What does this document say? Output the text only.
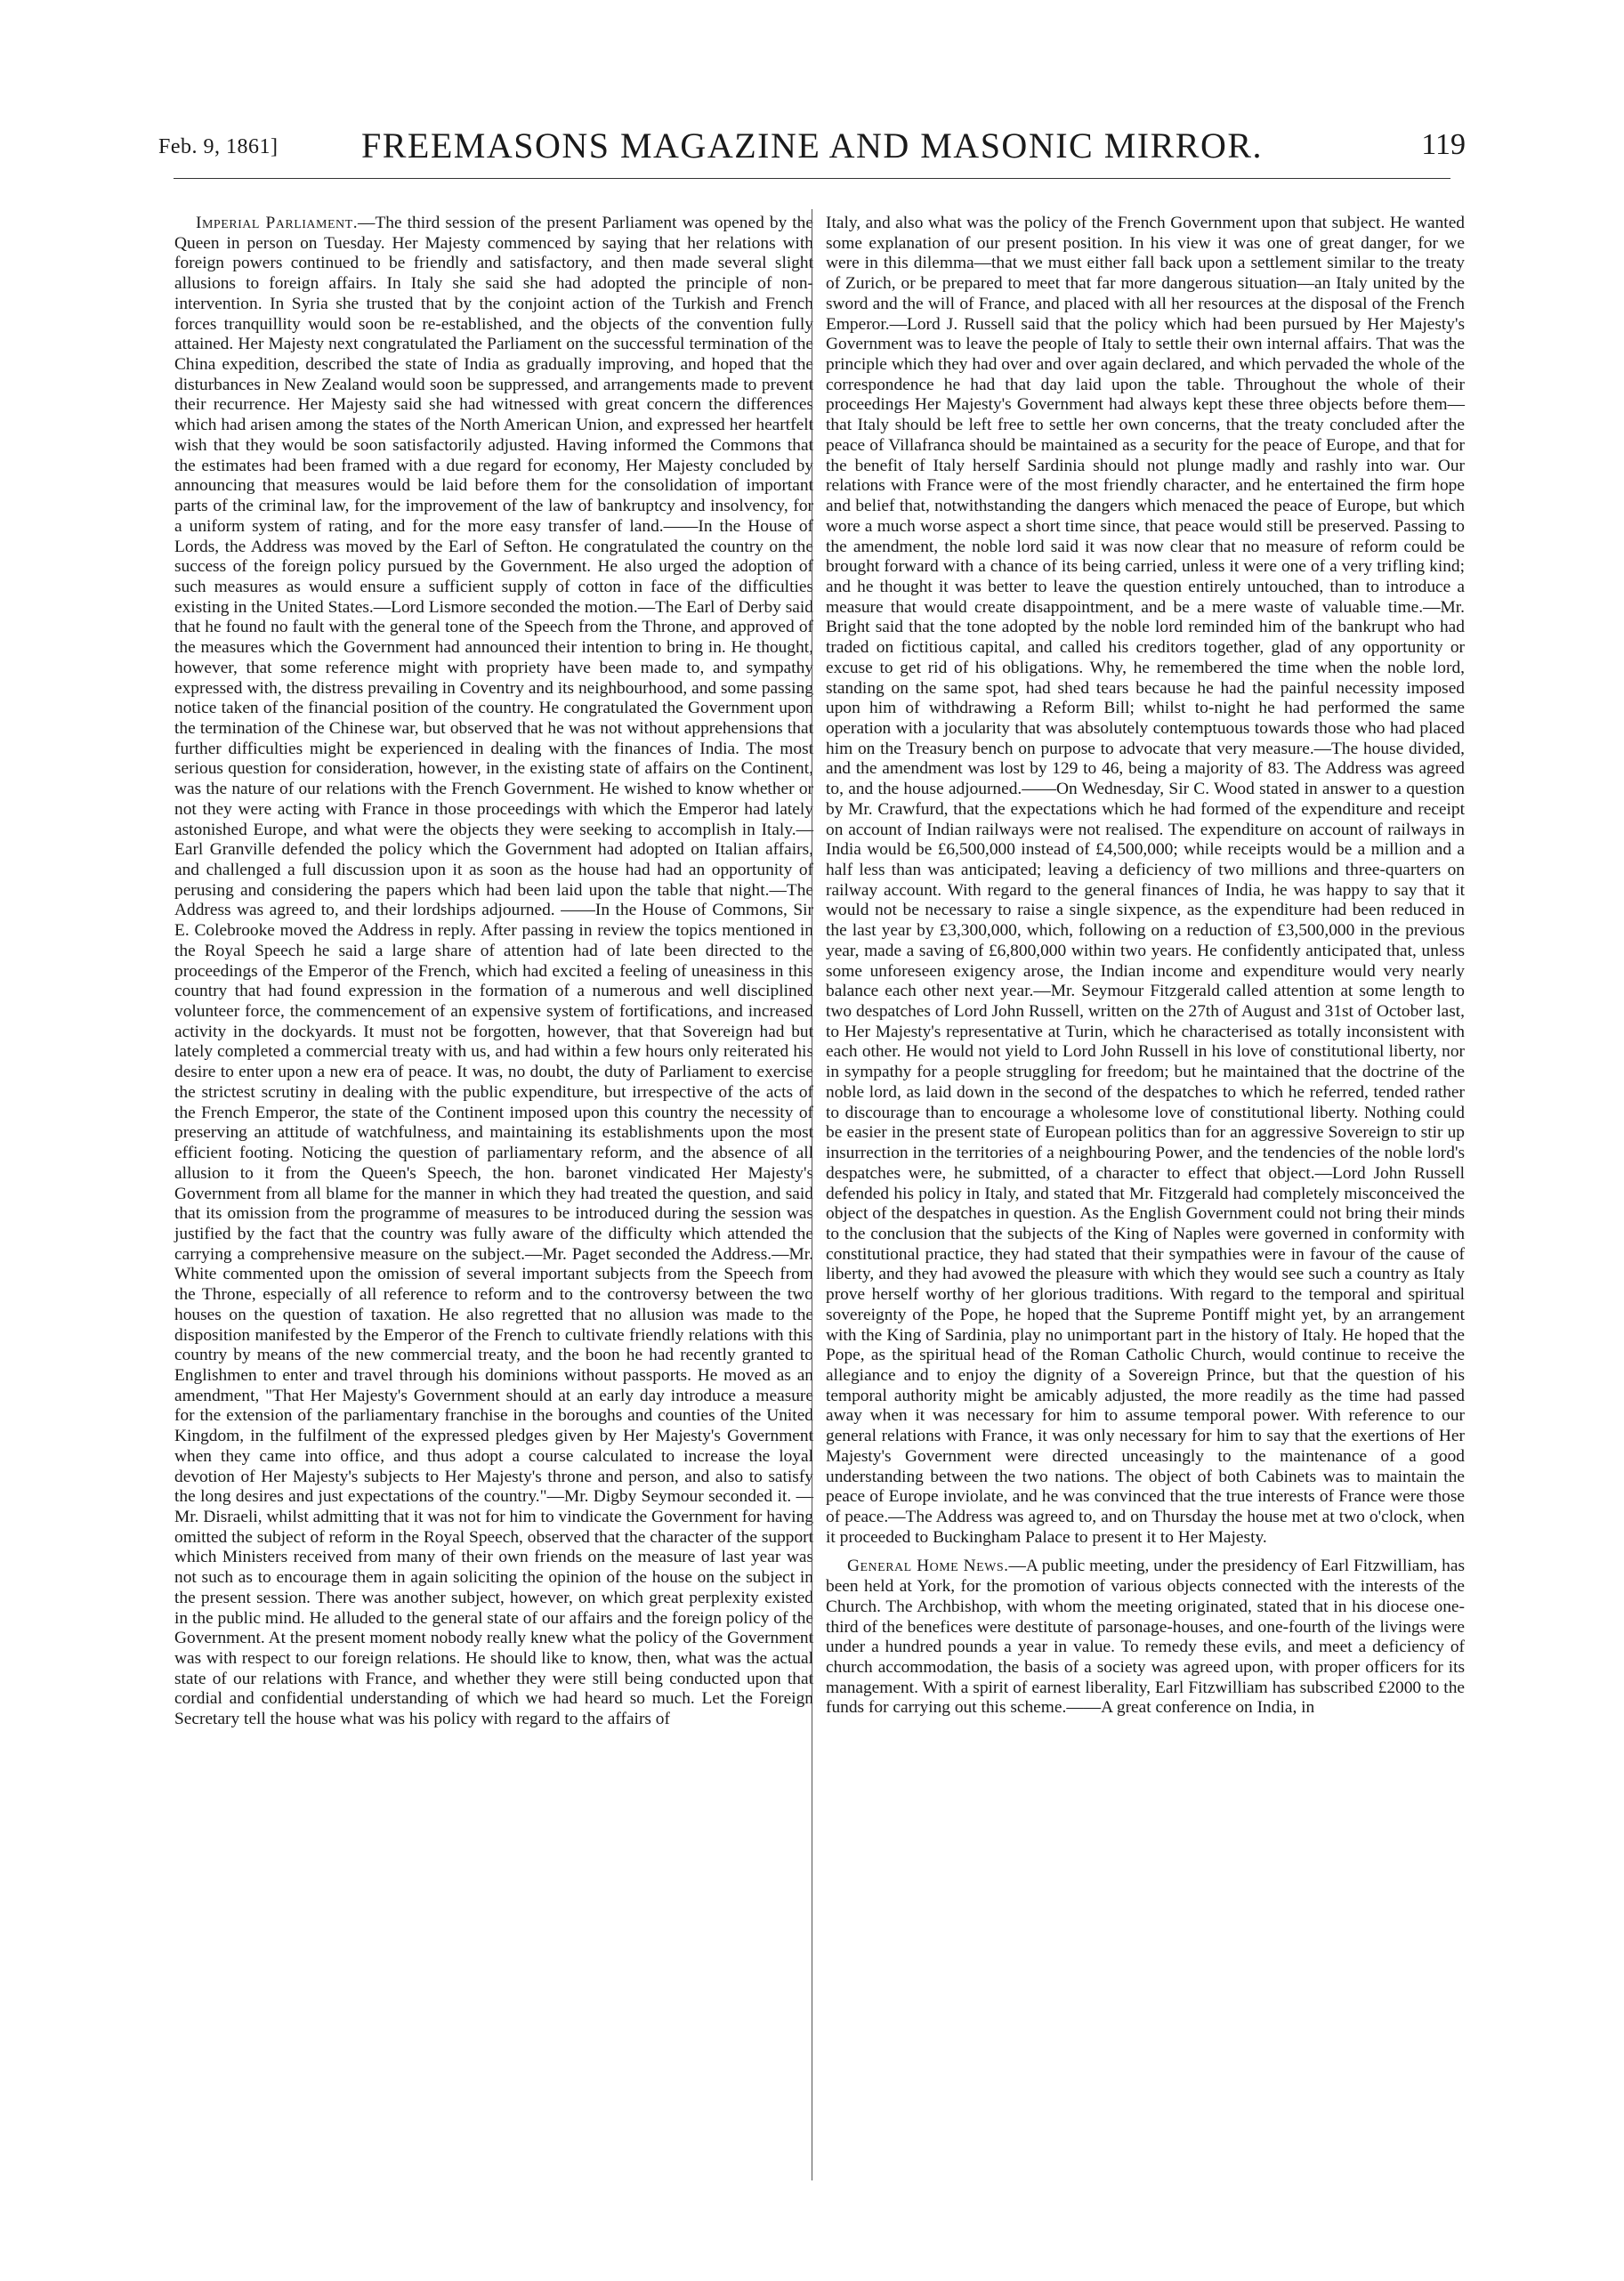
Feb. 9, 1861]	FREEMASONS MAGAZINE AND MASONIC MIRROR.	119

Imperial Parliament.—The third session of the present Parliament was opened by the Queen in person on Tuesday. Her Majesty commenced by saying that her relations with foreign powers continued to be friendly and satisfactory, and then made several slight allusions to foreign affairs. In Italy she said she had adopted the principle of non-intervention. In Syria she trusted that by the conjoint action of the Turkish and French forces tranquillity would soon be re-established, and the objects of the convention fully attained. Her Majesty next congratulated the Parliament on the successful termination of the China expedition, described the state of India as gradually improving, and hoped that the disturbances in New Zealand would soon be suppressed, and arrangements made to prevent their recurrence. Her Majesty said she had witnessed with great concern the differences which had arisen among the states of the North American Union, and expressed her heartfelt wish that they would be soon satisfactorily adjusted. Having informed the Commons that the estimates had been framed with a due regard for economy, Her Majesty concluded by announcing that measures would be laid before them for the consolidation of important parts of the criminal law, for the improvement of the law of bankruptcy and insolvency, for a uniform system of rating, and for the more easy transfer of land.——In the House of Lords, the Address was moved by the Earl of Sefton. He congratulated the country on the success of the foreign policy pursued by the Government. He also urged the adoption of such measures as would ensure a sufficient supply of cotton in face of the difficulties existing in the United States.—Lord Lismore seconded the motion.—The Earl of Derby said that he found no fault with the general tone of the Speech from the Throne, and approved of the measures which the Government had announced their intention to bring in. He thought, however, that some reference might with propriety have been made to, and sympathy expressed with, the distress prevailing in Coventry and its neighbourhood, and some passing notice taken of the financial position of the country. He congratulated the Government upon the termination of the Chinese war, but observed that he was not without apprehensions that further difficulties might be experienced in dealing with the finances of India. The most serious question for consideration, however, in the existing state of affairs on the Continent, was the nature of our relations with the French Government. He wished to know whether or not they were acting with France in those proceedings with which the Emperor had lately astonished Europe, and what were the objects they were seeking to accomplish in Italy.—Earl Granville defended the policy which the Government had adopted on Italian affairs, and challenged a full discussion upon it as soon as the house had had an opportunity of perusing and considering the papers which had been laid upon the table that night.—The Address was agreed to, and their lordships adjourned. ——In the House of Commons, Sir E. Colebrooke moved the Address in reply. After passing in review the topics mentioned in the Royal Speech he said a large share of attention had of late been directed to the proceedings of the Emperor of the French, which had excited a feeling of uneasiness in this country that had found expression in the formation of a numerous and well disciplined volunteer force, the commencement of an expensive system of fortifications, and increased activity in the dockyards. It must not be forgotten, however, that that Sovereign had but lately completed a commercial treaty with us, and had within a few hours only reiterated his desire to enter upon a new era of peace. It was, no doubt, the duty of Parliament to exercise the strictest scrutiny in dealing with the public expenditure, but irrespective of the acts of the French Emperor, the state of the Continent imposed upon this country the necessity of preserving an attitude of watchfulness, and maintaining its establishments upon the most efficient footing. Noticing the question of parliamentary reform, and the absence of all allusion to it from the Queen's Speech, the hon. baronet vindicated Her Majesty's Government from all blame for the manner in which they had treated the question, and said that its omission from the programme of measures to be introduced during the session was justified by the fact that the country was fully aware of the difficulty which attended the carrying a comprehensive measure on the subject.—Mr. Paget seconded the Address.—Mr. White commented upon the omission of several important subjects from the Speech from the Throne, especially of all reference to reform and to the controversy between the two houses on the question of taxation. He also regretted that no allusion was made to the disposition manifested by the Emperor of the French to cultivate friendly relations with this country by means of the new commercial treaty, and the boon he had recently granted to Englishmen to enter and travel through his dominions without passports. He moved as an amendment, "That Her Majesty's Government should at an early day introduce a measure for the extension of the parliamentary franchise in the boroughs and counties of the United Kingdom, in the fulfilment of the expressed pledges given by Her Majesty's Government when they came into office, and thus adopt a course calculated to increase the loyal devotion of Her Majesty's subjects to Her Majesty's throne and person, and also to satisfy the long desires and just expectations of the country."—Mr. Digby Seymour seconded it. —Mr. Disraeli, whilst admitting that it was not for him to vindicate the Government for having omitted the subject of reform in the Royal Speech, observed that the character of the support which Ministers received from many of their own friends on the measure of last year was not such as to encourage them in again soliciting the opinion of the house on the subject in the present session. There was another subject, however, on which great perplexity existed in the public mind. He alluded to the general state of our affairs and the foreign policy of the Government. At the present moment nobody really knew what the policy of the Government was with respect to our foreign relations. He should like to know, then, what was the actual state of our relations with France, and whether they were still being conducted upon that cordial and confidential understanding of which we had heard so much. Let the Foreign Secretary tell the house what was his policy with regard to the affairs of

Italy, and also what was the policy of the French Government upon that subject. He wanted some explanation of our present position. In his view it was one of great danger, for we were in this dilemma—that we must either fall back upon a settlement similar to the treaty of Zurich, or be prepared to meet that far more dangerous situation—an Italy united by the sword and the will of France, and placed with all her resources at the disposal of the French Emperor.—Lord J. Russell said that the policy which had been pursued by Her Majesty's Government was to leave the people of Italy to settle their own internal affairs. That was the principle which they had over and over again declared, and which pervaded the whole of the correspondence he had that day laid upon the table. Throughout the whole of their proceedings Her Majesty's Government had always kept these three objects before them—that Italy should be left free to settle her own concerns, that the treaty concluded after the peace of Villafranca should be maintained as a security for the peace of Europe, and that for the benefit of Italy herself Sardinia should not plunge madly and rashly into war. Our relations with France were of the most friendly character, and he entertained the firm hope and belief that, notwithstanding the dangers which menaced the peace of Europe, but which wore a much worse aspect a short time since, that peace would still be preserved. Passing to the amendment, the noble lord said it was now clear that no measure of reform could be brought forward with a chance of its being carried, unless it were one of a very trifling kind; and he thought it was better to leave the question entirely untouched, than to introduce a measure that would create disappointment, and be a mere waste of valuable time.—Mr. Bright said that the tone adopted by the noble lord reminded him of the bankrupt who had traded on fictitious capital, and called his creditors together, glad of any opportunity or excuse to get rid of his obligations. Why, he remembered the time when the noble lord, standing on the same spot, had shed tears because he had the painful necessity imposed upon him of withdrawing a Reform Bill; whilst to-night he had performed the same operation with a jocularity that was absolutely contemptuous towards those who had placed him on the Treasury bench on purpose to advocate that very measure.—The house divided, and the amendment was lost by 129 to 46, being a majority of 83. The Address was agreed to, and the house adjourned.——On Wednesday, Sir C. Wood stated in answer to a question by Mr. Crawfurd, that the expectations which he had formed of the expenditure and receipt on account of Indian railways were not realised. The expenditure on account of railways in India would be £6,500,000 instead of £4,500,000; while receipts would be a million and a half less than was anticipated; leaving a deficiency of two millions and three-quarters on railway account. With regard to the general finances of India, he was happy to say that it would not be necessary to raise a single sixpence, as the expenditure had been reduced in the last year by £3,300,000, which, following on a reduction of £3,500,000 in the previous year, made a saving of £6,800,000 within two years. He confidently anticipated that, unless some unforeseen exigency arose, the Indian income and expenditure would very nearly balance each other next year.—Mr. Seymour Fitzgerald called attention at some length to two despatches of Lord John Russell, written on the 27th of August and 31st of October last, to Her Majesty's representative at Turin, which he characterised as totally inconsistent with each other. He would not yield to Lord John Russell in his love of constitutional liberty, nor in sympathy for a people struggling for freedom; but he maintained that the doctrine of the noble lord, as laid down in the second of the despatches to which he referred, tended rather to discourage than to encourage a wholesome love of constitutional liberty. Nothing could be easier in the present state of European politics than for an aggressive Sovereign to stir up insurrection in the territories of a neighbouring Power, and the tendencies of the noble lord's despatches were, he submitted, of a character to effect that object.—Lord John Russell defended his policy in Italy, and stated that Mr. Fitzgerald had completely misconceived the object of the despatches in question. As the English Government could not bring their minds to the conclusion that the subjects of the King of Naples were governed in conformity with constitutional practice, they had stated that their sympathies were in favour of the cause of liberty, and they had avowed the pleasure with which they would see such a country as Italy prove herself worthy of her glorious traditions. With regard to the temporal and spiritual sovereignty of the Pope, he hoped that the Supreme Pontiff might yet, by an arrangement with the King of Sardinia, play no unimportant part in the history of Italy. He hoped that the Pope, as the spiritual head of the Roman Catholic Church, would continue to receive the allegiance and to enjoy the dignity of a Sovereign Prince, but that the question of his temporal authority might be amicably adjusted, the more readily as the time had passed away when it was necessary for him to assume temporal power. With reference to our general relations with France, it was only necessary for him to say that the exertions of Her Majesty's Government were directed unceasingly to the maintenance of a good understanding between the two nations. The object of both Cabinets was to maintain the peace of Europe inviolate, and he was convinced that the true interests of France were those of peace.—The Address was agreed to, and on Thursday the house met at two o'clock, when it proceeded to Buckingham Palace to present it to Her Majesty.

General Home News.—A public meeting, under the presidency of Earl Fitzwilliam, has been held at York, for the promotion of various objects connected with the interests of the Church. The Archbishop, with whom the meeting originated, stated that in his diocese one-third of the benefices were destitute of parsonage-houses, and one-fourth of the livings were under a hundred pounds a year in value. To remedy these evils, and meet a deficiency of church accommodation, the basis of a society was agreed upon, with proper officers for its management. With a spirit of earnest liberality, Earl Fitzwilliam has subscribed £2000 to the funds for carrying out this scheme.——A great conference on India, in
